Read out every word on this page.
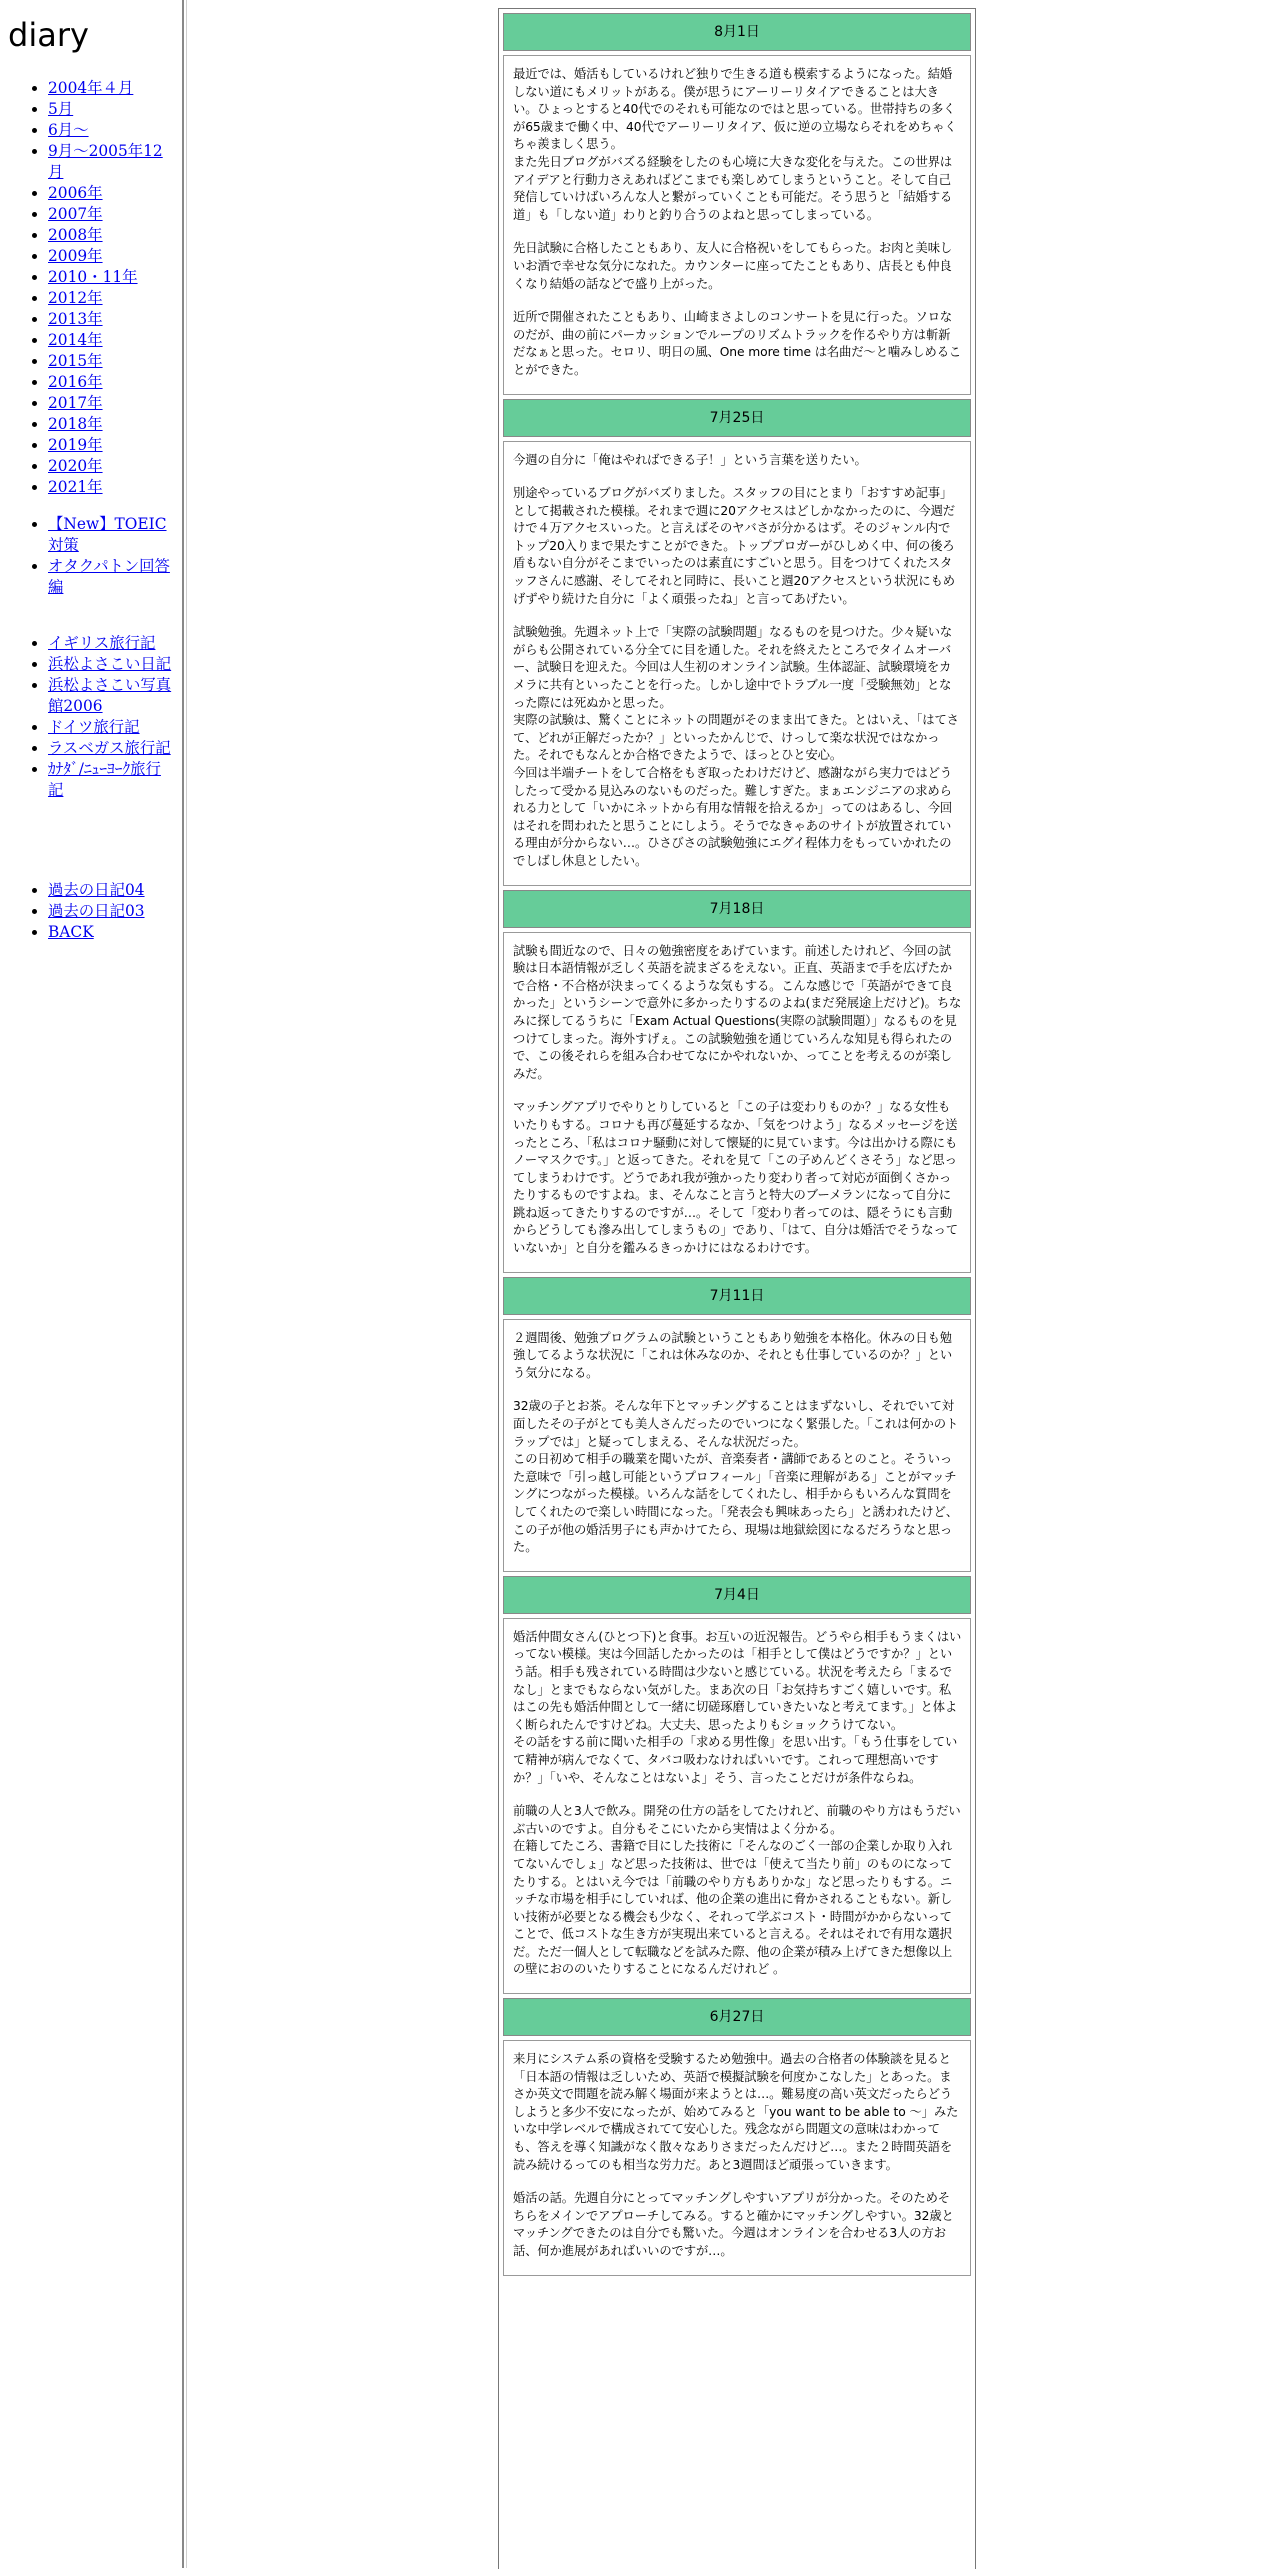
diary
• 2004年４月
• 5月
• 6月～
• 9月～2005年12月
• 2006年
• 2007年
• 2008年
• 2009年
• 2010・11年
• 2012年
• 2013年
• 2014年
• 2015年
• 2016年
• 2017年
• 2018年
• 2019年
• 2020年
• 2021年
• 【New】TOEIC対策
• オタクパトン回答編
• イギリス旅行記
• 浜松よさこい日記
• 浜松よさこい写真館2006
• ドイツ旅行記
• ラスベガス旅行記
• ｶﾅﾀﾞ/ﾆｭｰﾖｰｸ旅行記
• 過去の日記04
• 過去の日記03
• BACK
8月1日

最近では、婚活もしているけれど独りで生きる道も模索するようになった。結婚しない道にもメリットがある。僕が思うにアーリーリタイアできることは大きい。ひょっとすると40代でのそれも可能なのではと思っている。世帯持ちの多くが65歳まで働く中、40代でアーリーリタイア、仮に逆の立場ならそれをめちゃくちゃ羨ましく思う。
また先日ブログがバズる経験をしたのも心境に大きな変化を与えた。この世界はアイデアと行動力さえあればどこまでも楽しめてしまうということ。そして自己発信していけばいろんな人と繋がっていくことも可能だ。そう思うと「結婚する道」も「しない道」わりと釣り合うのよねと思ってしまっている。

先日試験に合格したこともあり、友人に合格祝いをしてもらった。お肉と美味しいお酒で幸せな気分になれた。カウンターに座ってたこともあり、店長とも仲良くなり結婚の話などで盛り上がった。

近所で開催されたこともあり、山崎まさよしのコンサートを見に行った。ソロなのだが、曲の前にパーカッションでループのリズムトラックを作るやり方は斬新だなぁと思った。セロリ、明日の風、One more time は名曲だ～と噛みしめることができた。

7月25日

今週の自分に「俺はやればできる子！」という言葉を送りたい。

別途やっているブログがバズりました。スタッフの目にとまり「おすすめ記事」として掲載された模様。それまで週に20アクセスはどしかなかったのに、今週だけで４万アクセスいった。と言えばそのヤバさが分かるはず。そのジャンル内でトップ20入りまで果たすことができた。トッププロガーがひしめく中、何の後ろ盾もない自分がそこまでいったのは素直にすごいと思う。目をつけてくれたスタッフさんに感謝、そしてそれと同時に、長いこと週20アクセスという状況にもめげずやり続けた自分に「よく頑張ったね」と言ってあげたい。

試験勉強。先週ネット上で「実際の試験問題」なるものを見つけた。少々疑いながらも公開されている分全てに目を通した。それを終えたところでタイムオーバー、試験日を迎えた。今回は人生初のオンライン試験。生体認証、試験環境をカメラに共有といったことを行った。しかし途中でトラブル一度「受験無効」となった際には死ぬかと思った。
実際の試験は、驚くことにネットの問題がそのまま出てきた。とはいえ、「はてさて、どれが正解だったか？」といったかんじで、けっして楽な状況ではなかった。それでもなんとか合格できたようで、ほっとひと安心。
今回は半端チートをして合格をもぎ取ったわけだけど、感謝ながら実力ではどうしたって受かる見込みのないものだった。難しすぎた。まぁエンジニアの求められる力として「いかにネットから有用な情報を拾えるか」ってのはあるし、今回はそれを問われたと思うことにしよう。そうでなきゃあのサイトが放置されている理由が分からない…。ひさびさの試験勉強にエグイ程体力をもっていかれたのでしばし休息としたい。

7月18日

試験も間近なので、日々の勉強密度をあげています。前述したけれど、今回の試験は日本語情報が乏しく英語を読まざるをえない。正直、英語まで手を広げたかで合格・不合格が決まってくるような気もする。こんな感じで「英語ができて良かった」というシーンで意外に多かったりするのよね(まだ発展途上だけど)。ちなみに探してるうちに「Exam Actual Questions(実際の試験問題）」なるものを見つけてしまった。海外すげぇ。この試験勉強を通じていろんな知見も得られたので、この後それらを組み合わせてなにかやれないか、ってことを考えるのが楽しみだ。

マッチングアプリでやりとりしていると「この子は変わりものか？」なる女性もいたりもする。コロナも再び蔓延するなか、「気をつけよう」なるメッセージを送ったところ、「私はコロナ騒動に対して懐疑的に見ています。今は出かける際にもノーマスクです。」と返ってきた。それを見て「この子めんどくさそう」など思ってしまうわけです。どうであれ我が強かったり変わり者って対応が面倒くさかったりするものですよね。ま、そんなこと言うと特大のブーメランになって自分に跳ね返ってきたりするのですが…。そして「変わり者ってのは、隠そうにも言動からどうしても滲み出してしまうもの」であり、「はて、自分は婚活でそうなっていないか」と自分を鑑みるきっかけにはなるわけです。

7月11日

２週間後、勉強プログラムの試験ということもあり勉強を本格化。休みの日も勉強してるような状況に「これは休みなのか、それとも仕事しているのか？」という気分になる。

32歳の子とお茶。そんな年下とマッチングすることはまずないし、それでいて対面したその子がとても美人さんだったのでいつになく緊張した。「これは何かのトラップでは」と疑ってしまえる、そんな状況だった。
この日初めて相手の職業を聞いたが、音楽奏者・講師であるとのこと。そういった意味で「引っ越し可能というプロフィール」「音楽に理解がある」ことがマッチングにつながった模様。いろんな話をしてくれたし、相手からもいろんな質問をしてくれたので楽しい時間になった。「発表会も興味あったら」と誘われたけど、この子が他の婚活男子にも声かけてたら、現場は地獄絵図になるだろうなと思った。

7月4日

婚活仲間女さん(ひとつ下)と食事。お互いの近況報告。どうやら相手もうまくはいってない模様。実は今回話したかったのは「相手として僕はどうですか？」という話。相手も残されている時間は少ないと感じている。状況を考えたら「まるでなし」とまでもならない気がした。まあ次の日「お気持ちすごく嬉しいです。私はこの先も婚活仲間として一緒に切磋琢磨していきたいなと考えてます。」と体よく断られたんですけどね。大丈夫、思ったよりもショックうけてない。
その話をする前に聞いた相手の「求める男性像」を思い出す。「もう仕事をしていて精神が病んでなくて、タバコ吸わなければいいです。これって理想高いですか？」「いや、そんなことはないよ」そう、言ったことだけが条件ならね。

前職の人と3人で飲み。開発の仕方の話をしてたけれど、前職のやり方はもうだいぶ古いのですよ。自分もそこにいたから実情はよく分かる。
在籍してたころ、書籍で目にした技術に「そんなのごく一部の企業しか取り入れてないんでしょ」など思った技術は、世では「使えて当たり前」のものになってたりする。とはいえ今では「前職のやり方もありかな」など思ったりもする。ニッチな市場を相手にしていれば、他の企業の進出に脅かされることもない。新しい技術が必要となる機会も少なく、それって学ぶコスト・時間がかからないってことで、低コストな生き方が実現出来ていると言える。それはそれで有用な選択だ。ただ一個人として転職などを試みた際、他の企業が積み上げてきた想像以上の壁におののいたりすることになるんだけれど 。

6月27日

来月にシステム系の資格を受験するため勉強中。過去の合格者の体験談を見ると「日本語の情報は乏しいため、英語で模擬試験を何度かこなした」とあった。まさか英文で問題を読み解く場面が来ようとは…。難易度の高い英文だったらどうしようと多少不安になったが、始めてみると「you want to be able to ～」みたいな中学レベルで構成されてて安心した。残念ながら問題文の意味はわかっても、答えを導く知識がなく散々なありさまだったんだけど…。また２時間英語を読み続けるってのも相当な労力だ。あと3週間ほど頑張っていきます。

婚活の話。先週自分にとってマッチングしやすいアプリが分かった。そのためそちらをメインでアプローチしてみる。すると確かにマッチングしやすい。32歳とマッチングできたのは自分でも驚いた。今週はオンラインを合わせる3人の方お話、何か進展があればいいのですが…。
